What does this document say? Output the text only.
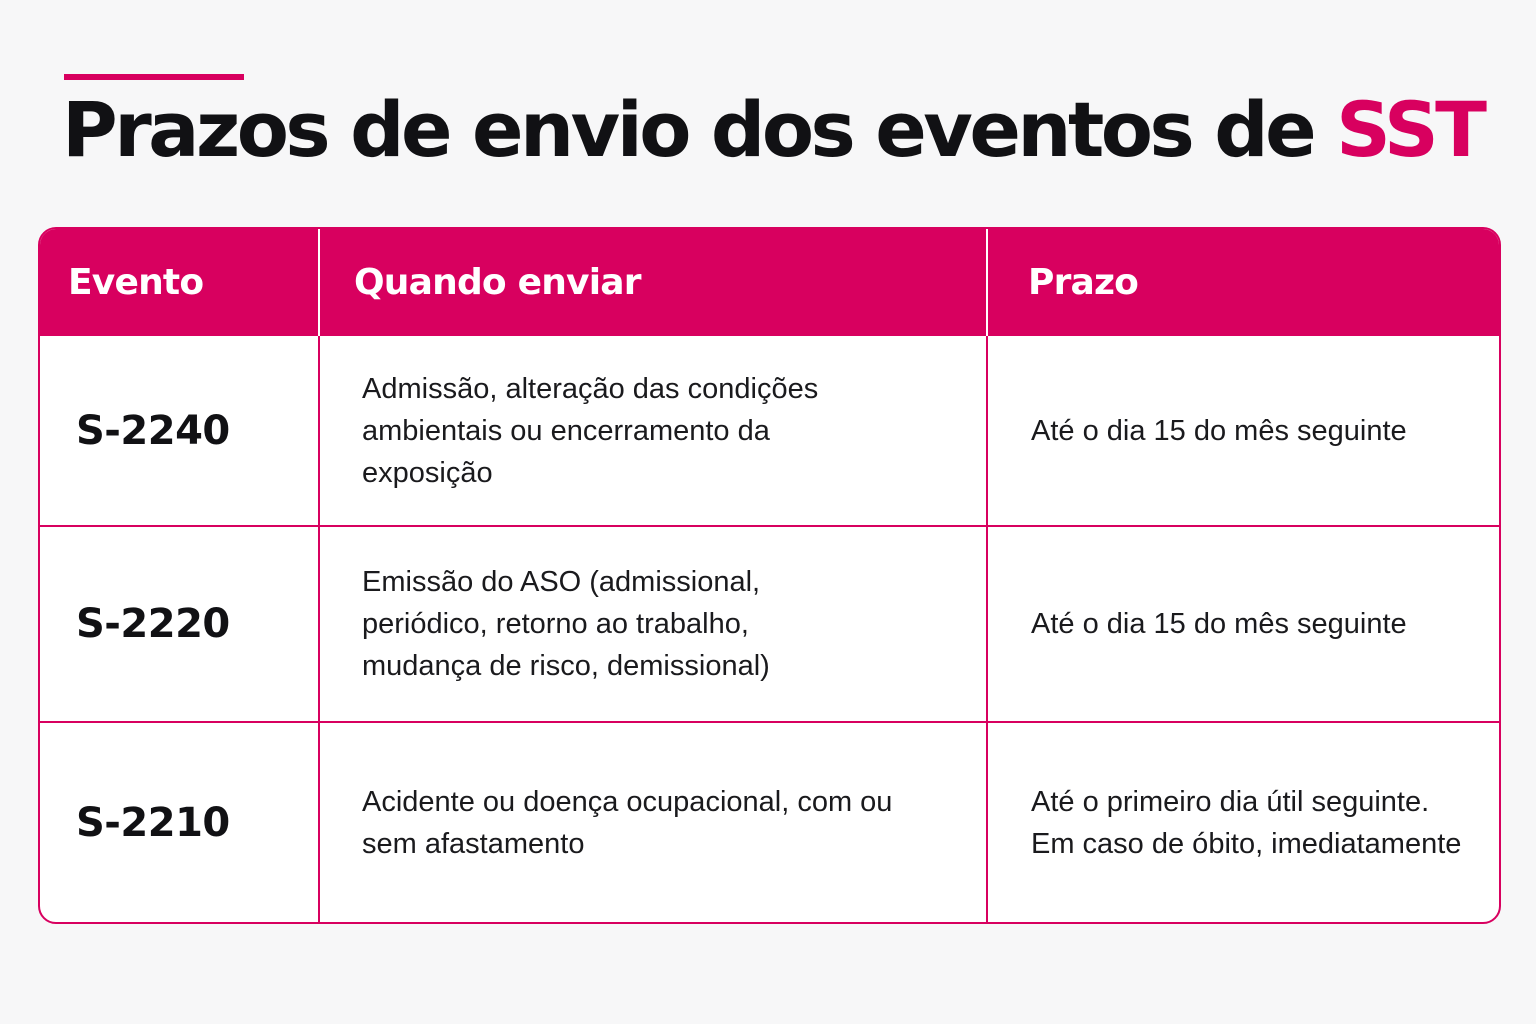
Prazos de envio dos eventos de SST
Evento	Quando enviar	Prazo
S-2240	Admissão, alteração das condições ambientais ou encerramento da exposição	Até o dia 15 do mês seguinte
S-2220	Emissão do ASO (admissional, periódico, retorno ao trabalho, mudança de risco, demissional)	Até o dia 15 do mês seguinte
S-2210	Acidente ou doença ocupacional, com ou sem afastamento	Até o primeiro dia útil seguinte. Em caso de óbito, imediatamente
